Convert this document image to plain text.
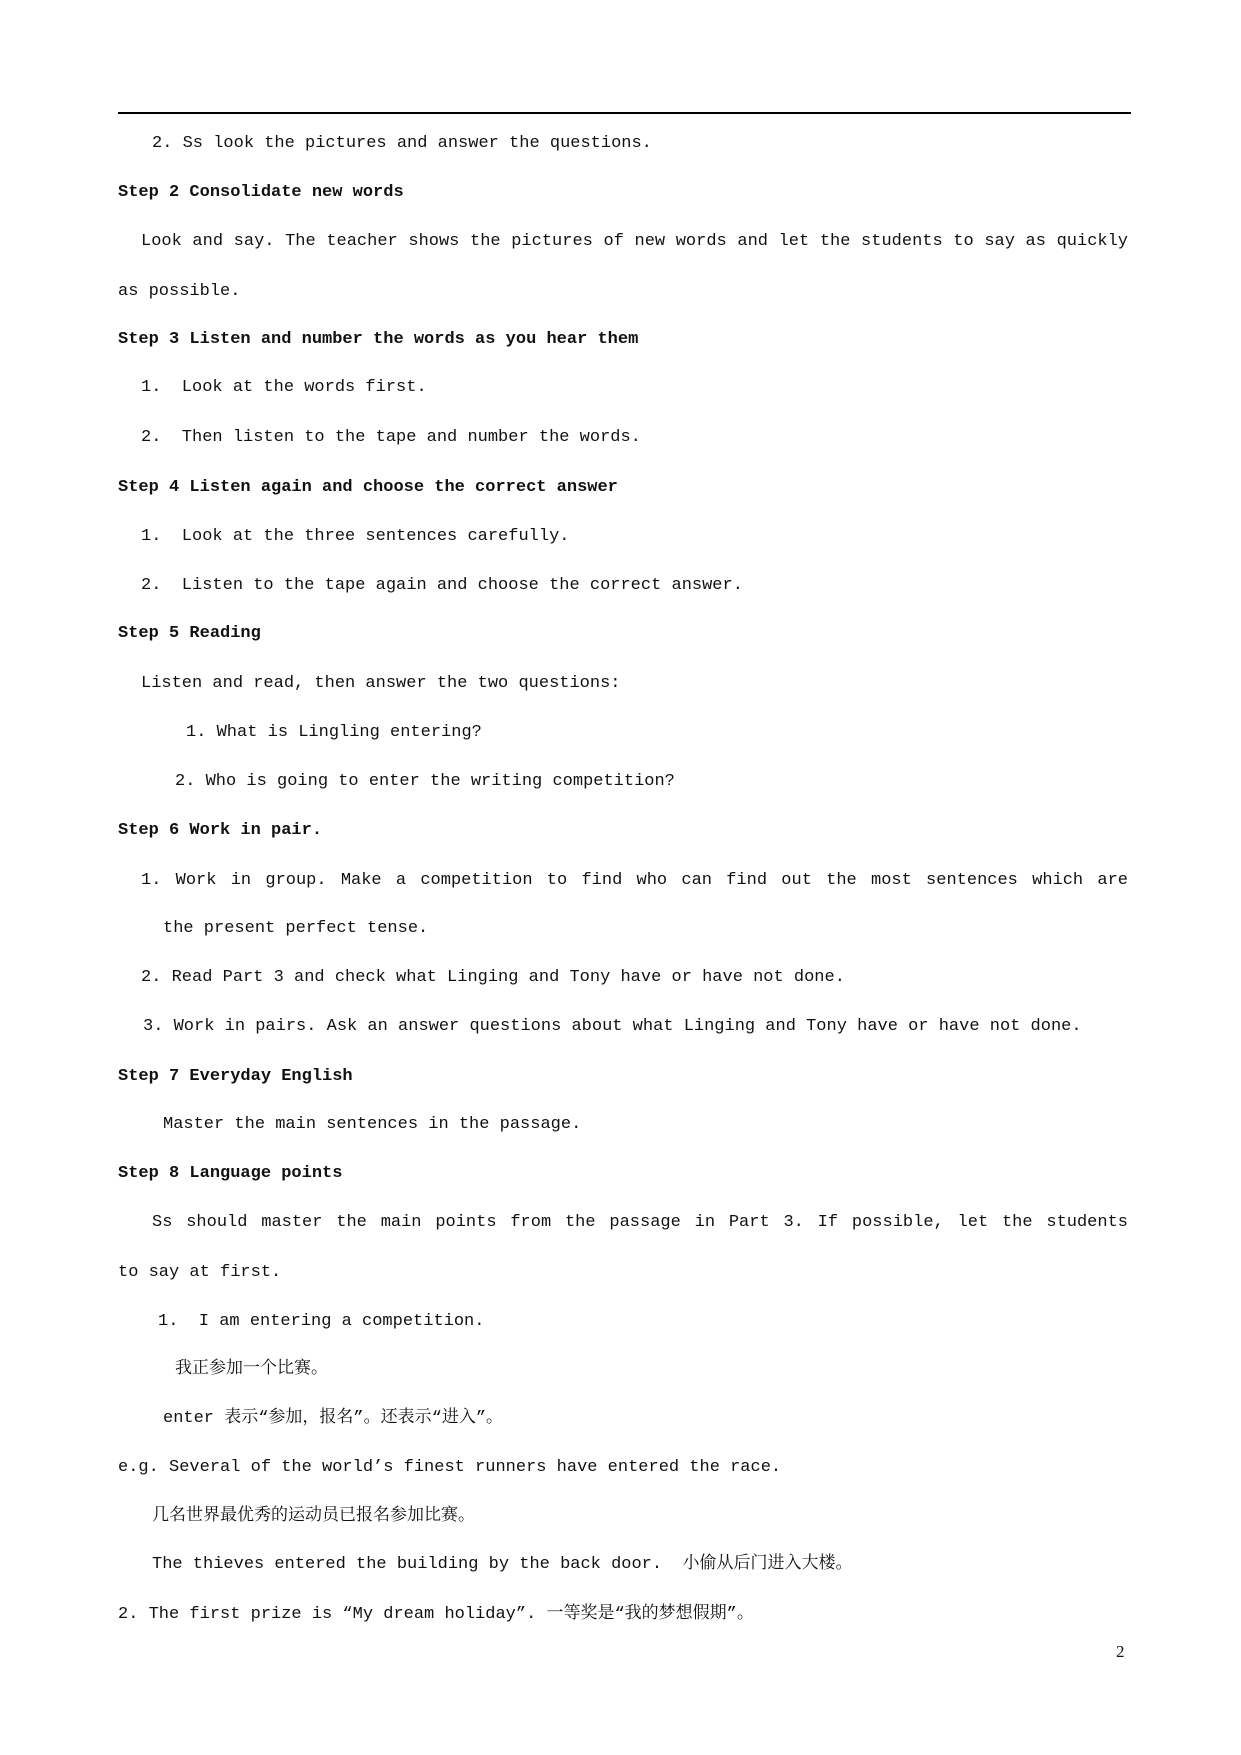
2. Ss look the pictures and answer the questions.
Step 2 Consolidate new words
Look and say. The teacher shows the pictures of new words and let the students to say as quickly
as possible.
Step 3 Listen and number the words as you hear them
1.  Look at the words first.
2.  Then listen to the tape and number the words.
Step 4 Listen again and choose the correct answer
1.  Look at the three sentences carefully.
2.  Listen to the tape again and choose the correct answer.
Step 5 Reading
Listen and read, then answer the two questions:
1. What is Lingling entering?
2. Who is going to enter the writing competition?
Step 6 Work in pair.
1. Work in group. Make a competition to find who can find out the most sentences which are
the present perfect tense.
2. Read Part 3 and check what Linging and Tony have or have not done.
3. Work in pairs. Ask an answer questions about what Linging and Tony have or have not done.
Step 7 Everyday English
Master the main sentences in the passage.
Step 8 Language points
Ss should master the main points from the passage in Part 3. If possible, let the students
to say at first.
1.  I am entering a competition.
我正参加一个比赛。
enter 表示“参加，报名”。还表示“进入”。
e.g. Several of the world’s finest runners have entered the race.
几名世界最优秀的运动员已报名参加比赛。
The thieves entered the building by the back door.  小偷从后门进入大楼。
2. The first prize is “My dream holiday”. 一等奖是“我的梦想假期”。
2
